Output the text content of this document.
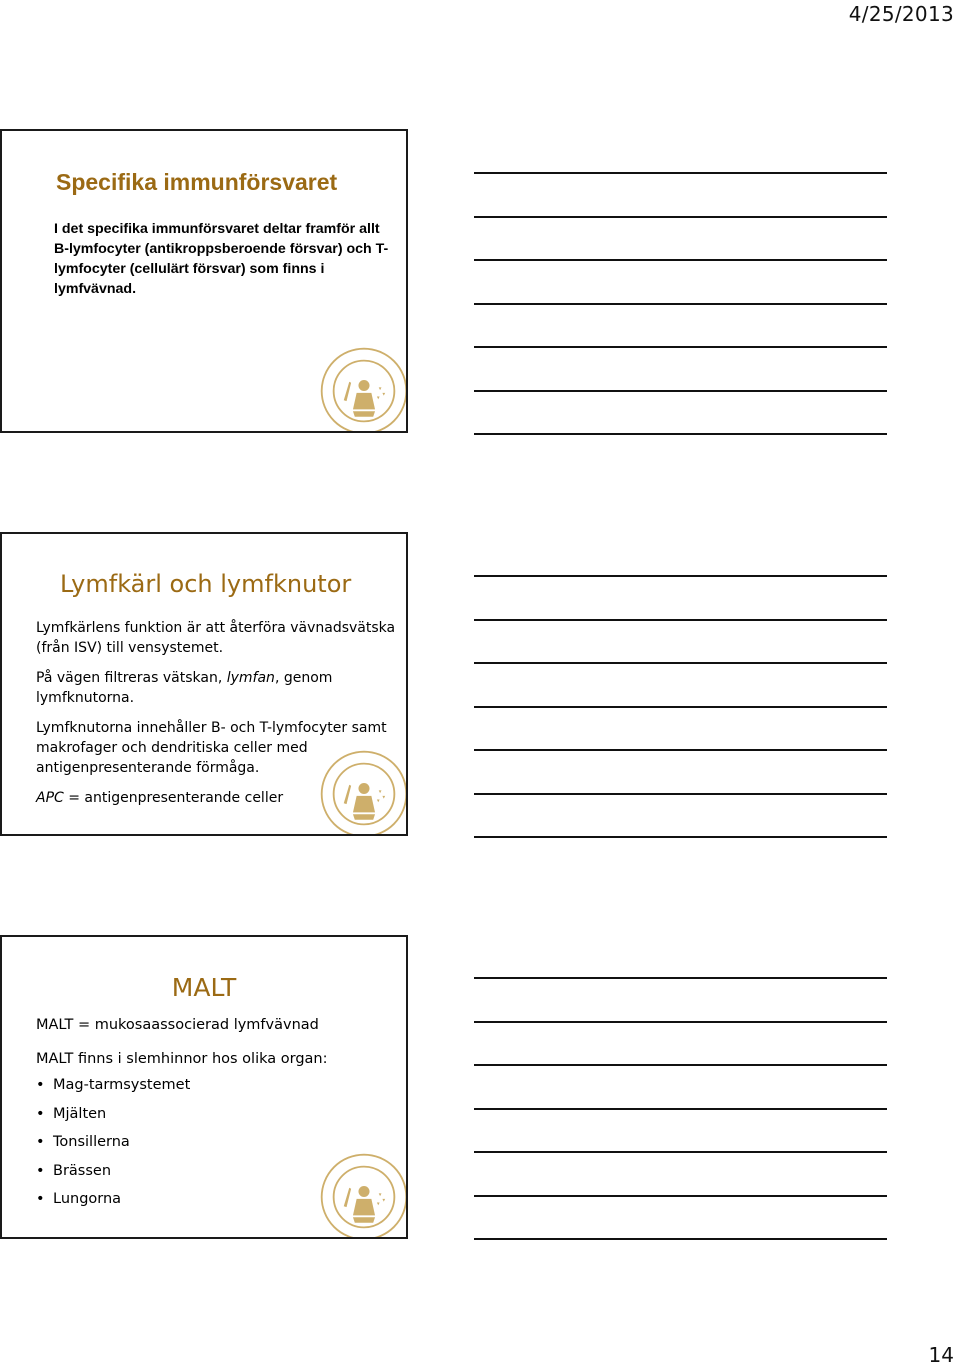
4/25/2013
Specifika immunförsvaret
I det specifika immunförsvaret deltar framför allt B-lymfocyter (antikroppsberoende försvar) och T-lymfocyter (cellulärt försvar) som finns i lymfvävnad.
Lymfkärl och lymfknutor

Lymfkärlens funktion är att återföra vävnadsvätska (från ISV) till vensystemet.

På vägen filtreras vätskan, lymfan, genom lymfknutorna.

Lymfknutorna innehåller B- och T-lymfocyter samt makrofager och dendritiska celler med antigenpresenterande förmåga.

APC = antigenpresenterande celler

MALT

MALT = mukosaassocierad lymfvävnad

MALT finns i slemhinnor hos olika organ:

• Mag-tarmsystemet
• Mjälten
• Tonsillerna
• Brässen
• Lungorna
14
